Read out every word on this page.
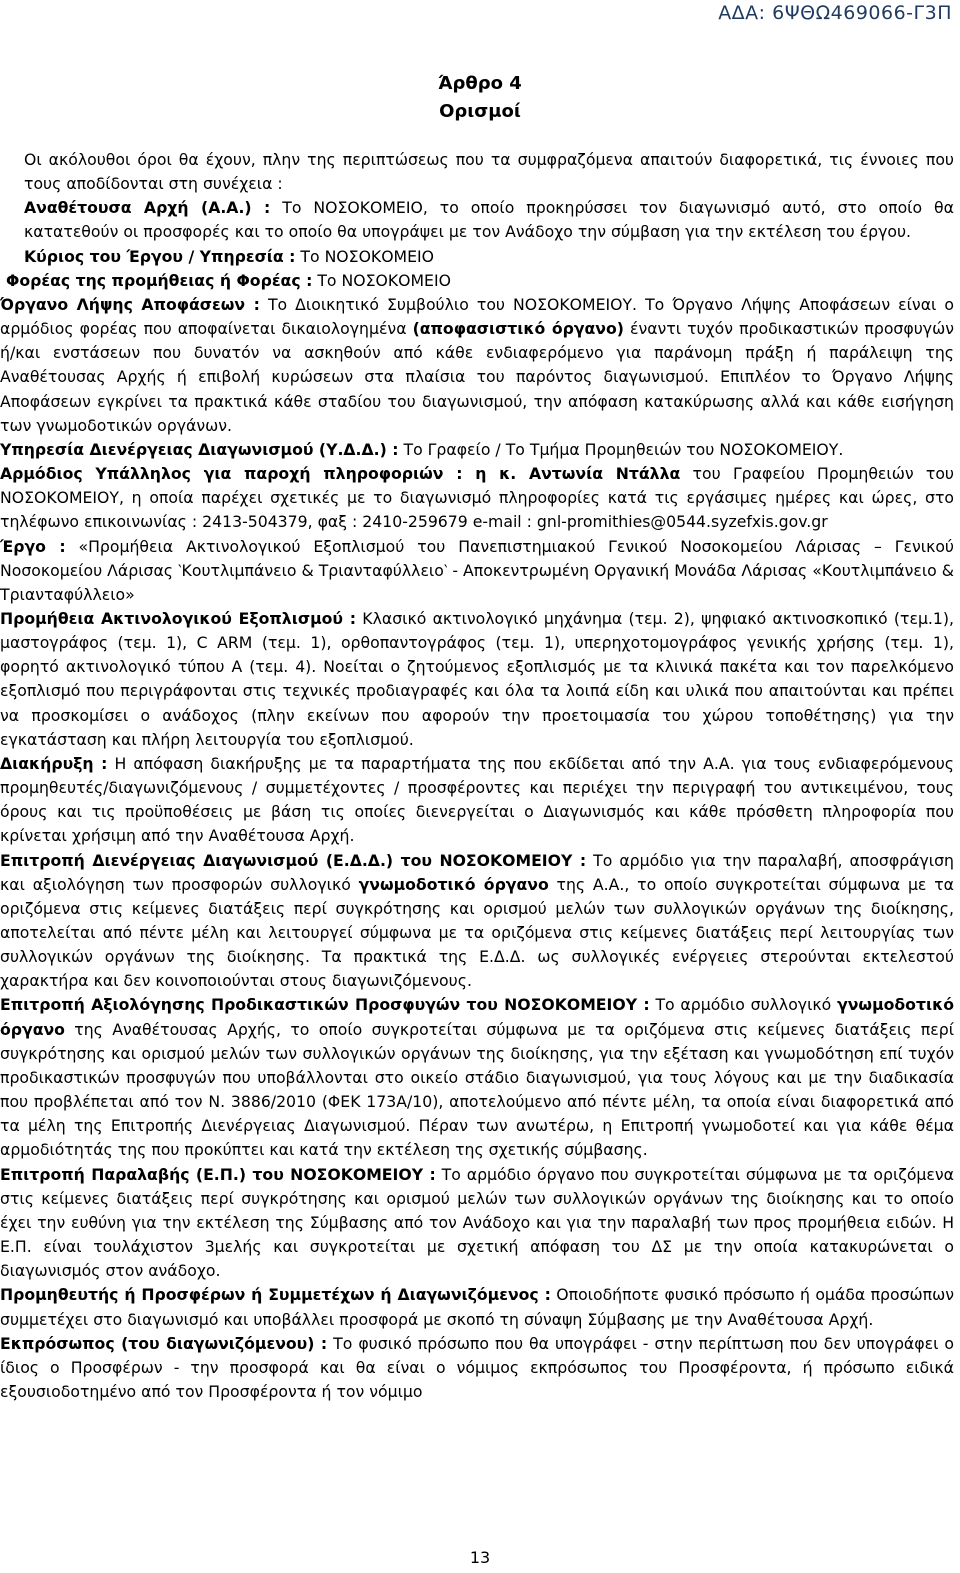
ΑΔΑ: 6ΨΘΩ469066-Γ3Π
Άρθρο 4
Ορισμοί

Οι ακόλουθοι όροι θα έχουν, πλην της περιπτώσεως που τα συμφραζόμενα απαιτούν διαφορετικά, τις έννοιες που τους αποδίδονται στη συνέχεια :

Αναθέτουσα Αρχή (Α.Α.) : Το ΝΟΣΟΚΟΜΕΙΟ, το οποίο προκηρύσσει τον διαγωνισμό αυτό, στο οποίο θα κατατεθούν οι προσφορές και το οποίο θα υπογράψει με τον Ανάδοχο την σύμβαση για την εκτέλεση του έργου.

Κύριος του Έργου / Υπηρεσία : Το ΝΟΣΟΚΟΜΕΙΟ

Φορέας της προμήθειας ή Φορέας : Το ΝΟΣΟΚΟΜΕΙΟ

Όργανο Λήψης Αποφάσεων : Το Διοικητικό Συμβούλιο του ΝΟΣΟΚΟΜΕΙΟΥ. Το Όργανο Λήψης Αποφάσεων είναι ο αρμόδιος φορέας που αποφαίνεται δικαιολογημένα (αποφασιστικό όργανο) έναντι τυχόν προδικαστικών προσφυγών ή/και ενστάσεων που δυνατόν να ασκηθούν από κάθε ενδιαφερόμενο για παράνομη πράξη ή παράλειψη της Αναθέτουσας Αρχής ή επιβολή κυρώσεων στα πλαίσια του παρόντος διαγωνισμού. Επιπλέον το Όργανο Λήψης Αποφάσεων εγκρίνει τα πρακτικά κάθε σταδίου του διαγωνισμού, την απόφαση κατακύρωσης αλλά και κάθε εισήγηση των γνωμοδοτικών οργάνων.

Υπηρεσία Διενέργειας Διαγωνισμού (Υ.Δ.Δ.) : Το Γραφείο / Το Τμήμα Προμηθειών του ΝΟΣΟΚΟΜΕΙΟΥ.

Αρμόδιος Υπάλληλος για παροχή πληροφοριών : η κ. Αντωνία Ντάλλα του Γραφείου Προμηθειών του ΝΟΣΟΚΟΜΕΙΟΥ, η οποία παρέχει σχετικές με το διαγωνισμό πληροφορίες κατά τις εργάσιμες ημέρες και ώρες, στο τηλέφωνο επικοινωνίας : 2413-504379, φαξ : 2410-259679 e-mail : gnl-promithies@0544.syzefxis.gov.gr

Έργο : «Προμήθεια Ακτινολογικού Εξοπλισμού του Πανεπιστημιακού Γενικού Νοσοκομείου Λάρισας – Γενικού Νοσοκομείου Λάρισας ‵Κουτλιμπάνειο & Τριανταφύλλειο‵ - Αποκεντρωμένη Οργανική Μονάδα Λάρισας «Κουτλιμπάνειο & Τριανταφύλλειο»

Προμήθεια Ακτινολογικού Εξοπλισμού : Κλασικό ακτινολογικό μηχάνημα (τεμ. 2), ψηφιακό ακτινοσκοπικό (τεμ.1), μαστογράφος (τεμ. 1), C ARM (τεμ. 1), ορθοπαντογράφος (τεμ. 1), υπερηχοτομογράφος γενικής χρήσης (τεμ. 1), φορητό ακτινολογικό τύπου Α (τεμ. 4). Νοείται ο ζητούμενος εξοπλισμός με τα κλινικά πακέτα και τον παρελκόμενο εξοπλισμό που περιγράφονται στις τεχνικές προδιαγραφές και όλα τα λοιπά είδη και υλικά που απαιτούνται και πρέπει να προσκομίσει ο ανάδοχος (πλην εκείνων που αφορούν την προετοιμασία του χώρου τοποθέτησης) για την εγκατάσταση και πλήρη λειτουργία του εξοπλισμού.

Διακήρυξη : Η απόφαση διακήρυξης με τα παραρτήματα της που εκδίδεται από την Α.Α. για τους ενδιαφερόμενους προμηθευτές/διαγωνιζόμενους / συμμετέχοντες / προσφέροντες και περιέχει την περιγραφή του αντικειμένου, τους όρους και τις προϋποθέσεις με βάση τις οποίες διενεργείται ο Διαγωνισμός και κάθε πρόσθετη πληροφορία που κρίνεται χρήσιμη από την Αναθέτουσα Αρχή.

Επιτροπή Διενέργειας Διαγωνισμού (Ε.Δ.Δ.) του ΝΟΣΟΚΟΜΕΙΟΥ : Το αρμόδιο για την παραλαβή, αποσφράγιση και αξιολόγηση των προσφορών συλλογικό γνωμοδοτικό όργανο της Α.Α., το οποίο συγκροτείται σύμφωνα με τα οριζόμενα στις κείμενες διατάξεις περί συγκρότησης και ορισμού μελών των συλλογικών οργάνων της διοίκησης, αποτελείται από πέντε μέλη και λειτουργεί σύμφωνα με τα οριζόμενα στις κείμενες διατάξεις περί λειτουργίας των συλλογικών οργάνων της διοίκησης. Τα πρακτικά της Ε.Δ.Δ. ως συλλογικές ενέργειες στερούνται εκτελεστού χαρακτήρα και δεν κοινοποιούνται στους διαγωνιζόμενους.

Επιτροπή Αξιολόγησης Προδικαστικών Προσφυγών του ΝΟΣΟΚΟΜΕΙΟΥ : Το αρμόδιο συλλογικό γνωμοδοτικό όργανο της Αναθέτουσας Αρχής, το οποίο συγκροτείται σύμφωνα με τα οριζόμενα στις κείμενες διατάξεις περί συγκρότησης και ορισμού μελών των συλλογικών οργάνων της διοίκησης, για την εξέταση και γνωμοδότηση επί τυχόν προδικαστικών προσφυγών που υποβάλλονται στο οικείο στάδιο διαγωνισμού, για τους λόγους και με την διαδικασία που προβλέπεται από τον Ν. 3886/2010 (ΦΕΚ 173Α/10), αποτελούμενο από πέντε μέλη, τα οποία είναι διαφορετικά από τα μέλη της Επιτροπής Διενέργειας Διαγωνισμού. Πέραν των ανωτέρω, η Επιτροπή γνωμοδοτεί και για κάθε θέμα αρμοδιότητάς της που προκύπτει και κατά την εκτέλεση της σχετικής σύμβασης.

Επιτροπή Παραλαβής (Ε.Π.) του ΝΟΣΟΚΟΜΕΙΟΥ : Το αρμόδιο όργανο που συγκροτείται σύμφωνα με τα οριζόμενα στις κείμενες διατάξεις περί συγκρότησης και ορισμού μελών των συλλογικών οργάνων της διοίκησης και το οποίο έχει την ευθύνη για την εκτέλεση της Σύμβασης από τον Ανάδοχο και για την παραλαβή των προς προμήθεια ειδών. Η Ε.Π. είναι τουλάχιστον 3μελής και συγκροτείται με σχετική απόφαση του ΔΣ με την οποία κατακυρώνεται ο διαγωνισμός στον ανάδοχο.

Προμηθευτής ή Προσφέρων ή Συμμετέχων ή Διαγωνιζόμενος : Οποιοδήποτε φυσικό πρόσωπο ή ομάδα προσώπων συμμετέχει στο διαγωνισμό και υποβάλλει προσφορά με σκοπό τη σύναψη Σύμβασης με την Αναθέτουσα Αρχή.

Εκπρόσωπος (του διαγωνιζόμενου) : Το φυσικό πρόσωπο που θα υπογράφει - στην περίπτωση που δεν υπογράφει ο ίδιος ο Προσφέρων - την προσφορά και θα είναι ο νόμιμος εκπρόσωπος του Προσφέροντα, ή πρόσωπο ειδικά εξουσιοδοτημένο από τον Προσφέροντα ή τον νόμιμο

13
